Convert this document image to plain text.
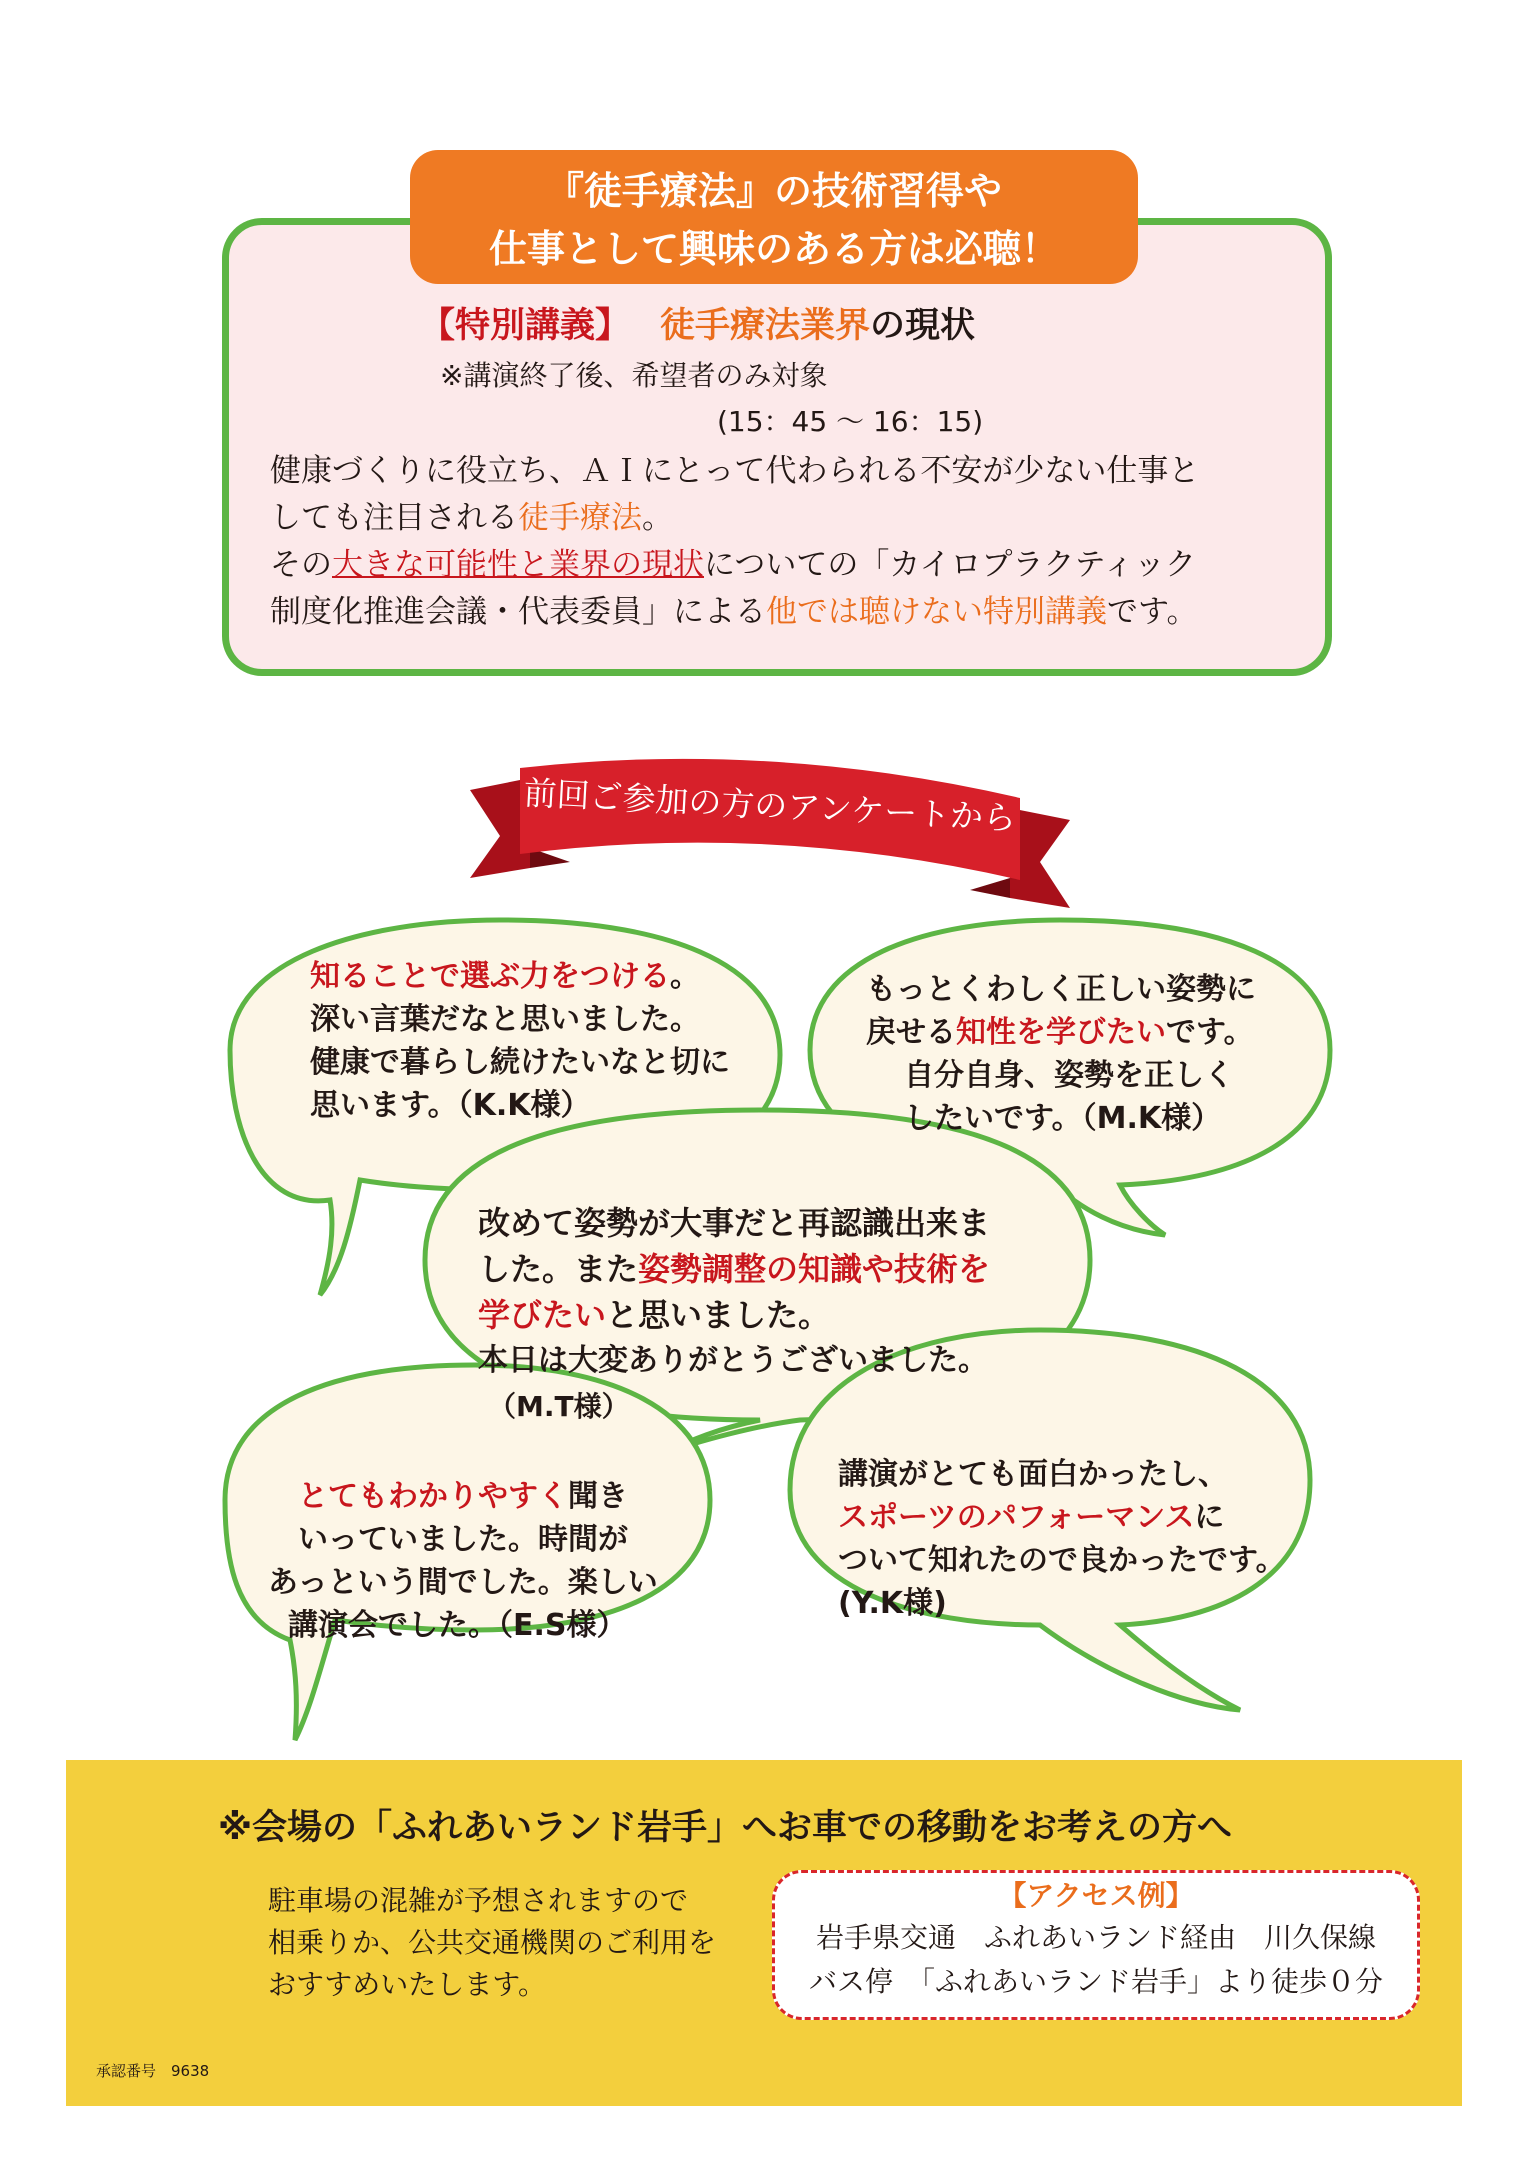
『徒手療法』の技術習得や
仕事として興味のある方は必聴！
【特別講義】 徒手療法業界の現状
※講演終了後、希望者のみ対象
(15：45 〜 16：15)
健康づくりに役立ち、ＡＩにとって代わられる不安が少ない仕事と
しても注目される徒手療法。
その大きな可能性と業界の現状についての「カイロプラクティック
制度化推進会議・代表委員」による他では聴けない特別講義です。
前回ご参加の方のアンケートから
知ることで選ぶ力をつける。
深い言葉だなと思いました。
健康で暮らし続けたいなと切に
思います。（K.K様）
もっとくわしく正しい姿勢に
戻せる知性を学びたいです。
自分自身、姿勢を正しく
したいです。（M.K様）
改めて姿勢が大事だと再認識出来ま
した。また姿勢調整の知識や技術を
学びたいと思いました。
本日は大変ありがとうございました。
（M.T様）
とてもわかりやすく聞き
いっていました。時間が
あっという間でした。楽しい
講演会でした。（E.S様）
講演がとても面白かったし、
スポーツのパフォーマンスに
ついて知れたので良かったです。
(Y.K様)
※会場の「ふれあいランド岩手」へお車での移動をお考えの方へ
駐車場の混雑が予想されますので
相乗りか、公共交通機関のご利用を
おすすめいたします。
【アクセス例】
岩手県交通　ふれあいランド経由　川久保線
バス停　「ふれあいランド岩手」より徒歩０分
承認番号　9638
